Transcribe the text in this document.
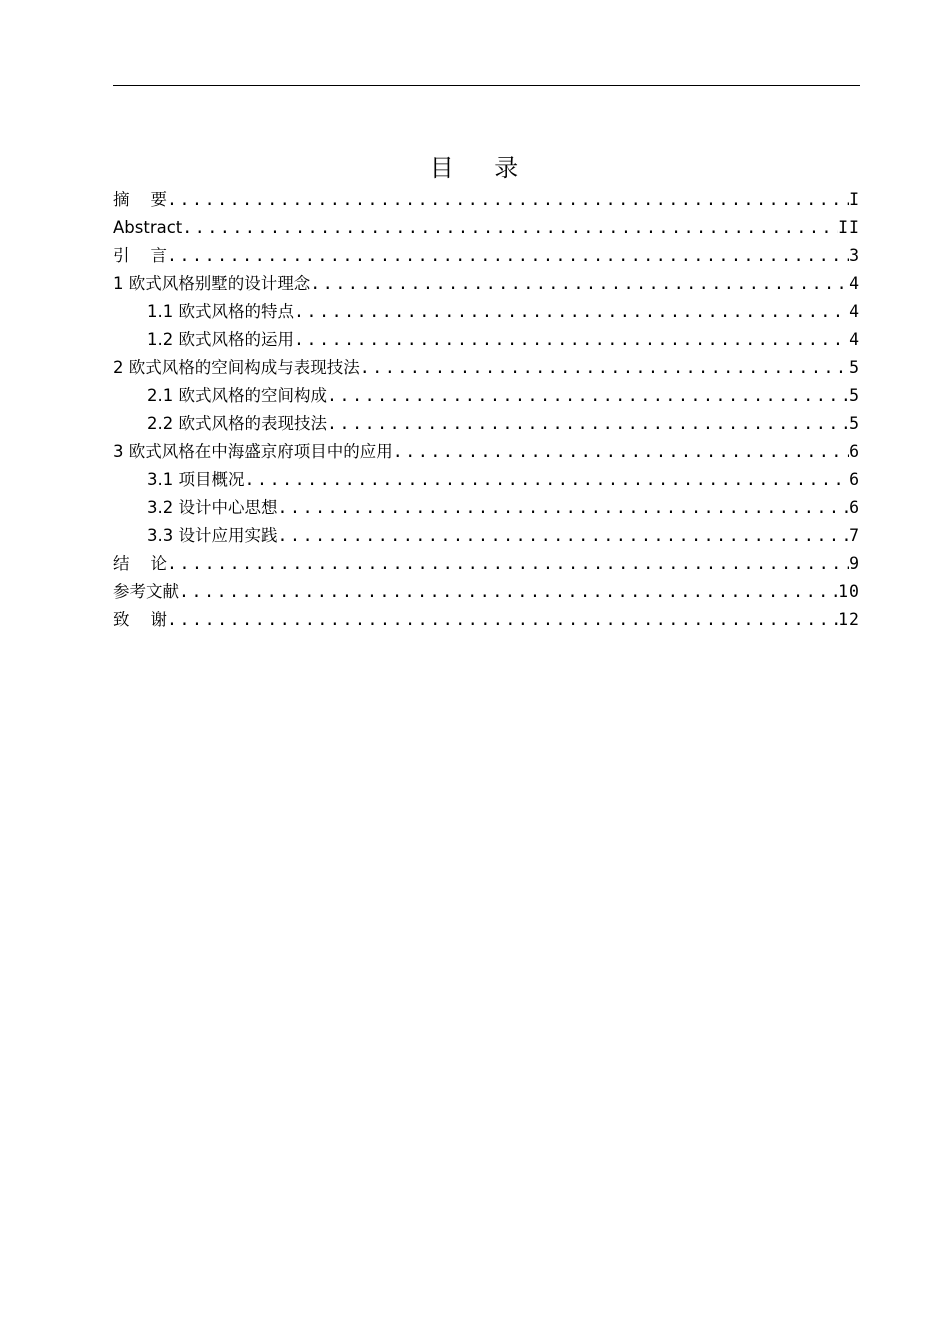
目    录
摘    要 .....	I
Abstract .....	II
引    言 .....	3
1 欧式风格别墅的设计理念 .....	4
1.1 欧式风格的特点 .....	4
1.2 欧式风格的运用 .....	4
2 欧式风格的空间构成与表现技法 .....	5
2.1 欧式风格的空间构成 .....	5
2.2 欧式风格的表现技法 .....	5
3 欧式风格在中海盛京府项目中的应用 .....	6
3.1 项目概况 .....	6
3.2 设计中心思想 .....	6
3.3 设计应用实践 .....	7
结    论 .....	9
参考文献 .....	10
致    谢 .....	12
